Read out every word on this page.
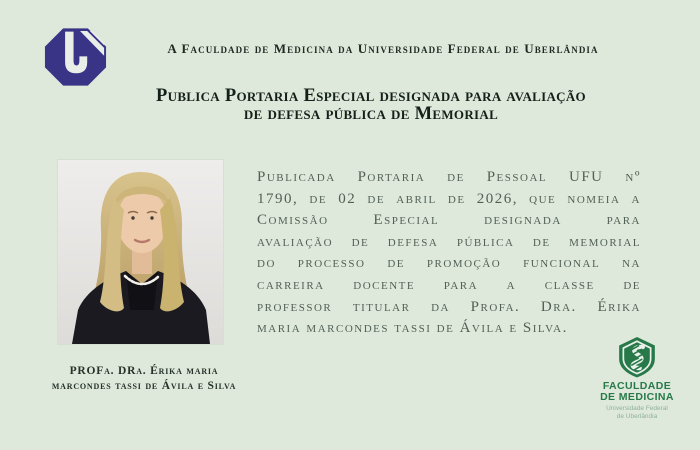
A Faculdade de Medicina da Universidade Federal de Uberlândia
Publica Portaria Especial designada para avaliação
de defesa pública de Memorial
PROFa. DRa. Érika maria
marcondes tassi de Ávila e Silva
Publicada Portaria de Pessoal UFU nº
1790, de 02 de abril de 2026, que nomeia a
Comissão Especial designada para
avaliação de defesa pública de memorial
do processo de promoção funcional na
carreira docente para a classe de
professor titular da Profa. Dra. Érika
maria marcondes tassi de Ávila e Silva.
FACULDADE
DE MEDICINA
Universidade Federal
de Uberlândia
